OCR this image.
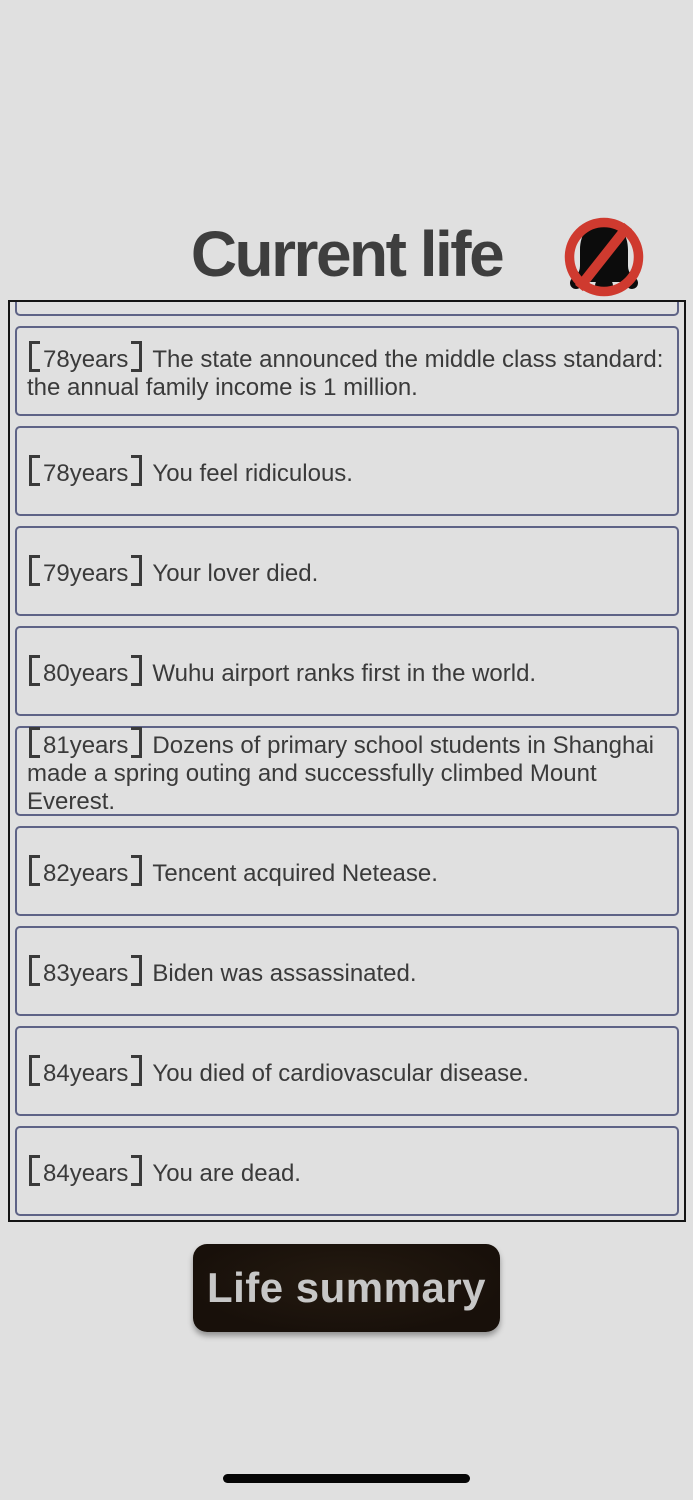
Current life
78years The state announced the middle class standard: the annual family income is 1 million.
78years You feel ridiculous.
79years Your lover died.
80years Wuhu airport ranks first in the world.
81years Dozens of primary school students in Shanghai made a spring outing and successfully climbed Mount Everest.
82years Tencent acquired Netease.
83years Biden was assassinated.
84years You died of cardiovascular disease.
84years You are dead.
Life summary
